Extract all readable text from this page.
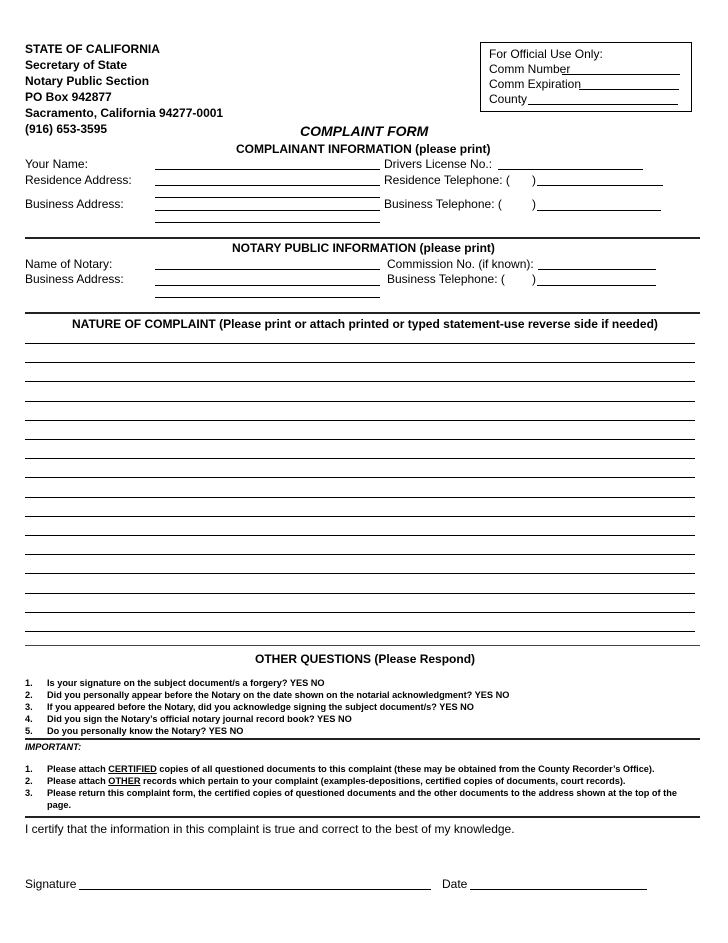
STATE OF CALIFORNIA
Secretary of State
Notary Public Section
PO Box 942877
Sacramento, California 94277-0001
(916) 653-3595
For Official Use Only:
Comm Number
Comm Expiration
County
COMPLAINT FORM
COMPLAINANT INFORMATION (please print)
Your Name:	Drivers License No.:
Residence Address:	Residence Telephone: ( )
Business Address:	Business Telephone: (	)
NOTARY PUBLIC INFORMATION (please print)
Name of Notary:	Commission No. (if known):
Business Address:	Business Telephone: ( )
NATURE OF COMPLAINT (Please print or attach printed or typed statement-use reverse side if needed)
OTHER QUESTIONS (Please Respond)
1. Is your signature on the subject document/s a forgery? YES NO
2. Did you personally appear before the Notary on the date shown on the notarial acknowledgment? YES NO
3. If you appeared before the Notary, did you acknowledge signing the subject document/s? YES NO
4. Did you sign the Notary’s official notary journal record book? YES NO
5. Do you personally know the Notary? YES NO
IMPORTANT:
1. Please attach CERTIFIED copies of all questioned documents to this complaint (these may be obtained from the County Recorder’s Office).
2. Please attach OTHER records which pertain to your complaint (examples-depositions, certified copies of documents, court records).
3. Please return this complaint form, the certified copies of questioned documents and the other documents to the address shown at the top of the page.
I certify that the information in this complaint is true and correct to the best of my knowledge.
Signature	Date
